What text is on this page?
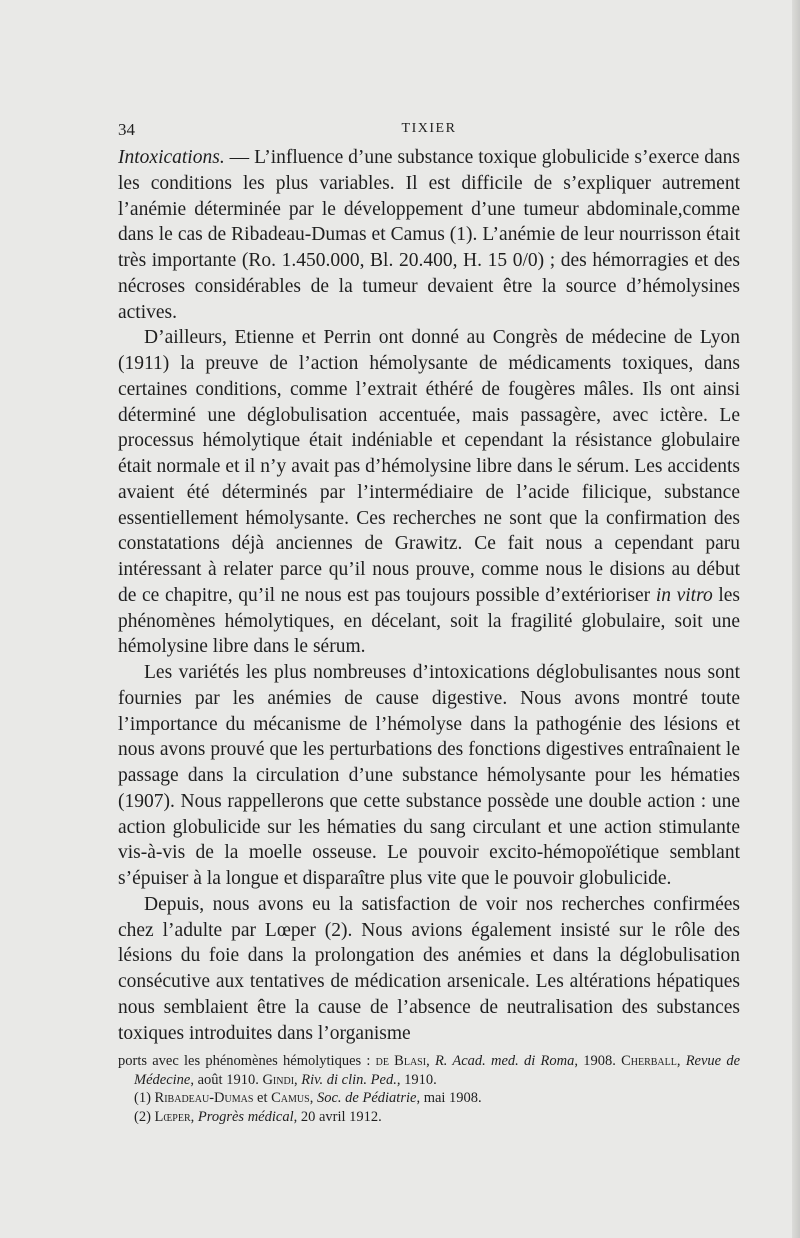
34	TIXIER

Intoxications. — L’influence d’une substance toxique globulicide s’exerce dans les conditions les plus variables. Il est difficile de s’expliquer autrement l’anémie déterminée par le développement d’une tumeur abdominale,comme dans le cas de Ribadeau-Dumas et Camus (1). L’anémie de leur nourrisson était très importante (Ro. 1.450.000, Bl. 20.400, H. 15 0/0) ; des hémorragies et des nécroses considérables de la tumeur devaient être la source d’hémolysines actives.

D’ailleurs, Etienne et Perrin ont donné au Congrès de médecine de Lyon (1911) la preuve de l’action hémolysante de médicaments toxiques, dans certaines conditions, comme l’extrait éthéré de fougères mâles. Ils ont ainsi déterminé une déglobulisation accentuée, mais passagère, avec ictère. Le processus hémolytique était indéniable et cependant la résistance globulaire était normale et il n’y avait pas d’hémolysine libre dans le sérum. Les accidents avaient été déterminés par l’intermédiaire de l’acide filicique, substance essentiellement hémolysante. Ces recherches ne sont que la confirmation des constatations déjà anciennes de Grawitz. Ce fait nous a cependant paru intéressant à relater parce qu’il nous prouve, comme nous le disions au début de ce chapitre, qu’il ne nous est pas toujours possible d’extérioriser in vitro les phénomènes hémolytiques, en décelant, soit la fragilité globulaire, soit une hémolysine libre dans le sérum.

Les variétés les plus nombreuses d’intoxications déglobulisantes nous sont fournies par les anémies de cause digestive. Nous avons montré toute l’importance du mécanisme de l’hémolyse dans la pathogénie des lésions et nous avons prouvé que les perturbations des fonctions digestives entraînaient le passage dans la circulation d’une substance hémolysante pour les hématies (1907). Nous rappellerons que cette substance possède une double action : une action globulicide sur les hématies du sang circulant et une action stimulante vis-à-vis de la moelle osseuse. Le pouvoir excito-hémopoïétique semblant s’épuiser à la longue et disparaître plus vite que le pouvoir globulicide.

Depuis, nous avons eu la satisfaction de voir nos recherches confirmées chez l’adulte par Lœper (2). Nous avions également insisté sur le rôle des lésions du foie dans la prolongation des anémies et dans la déglobulisation consécutive aux tentatives de médication arsenicale. Les altérations hépatiques nous semblaient être la cause de l’absence de neutralisation des substances toxiques introduites dans l’organisme

ports avec les phénomènes hémolytiques : de Blasi, R. Acad. med. di Roma, 1908. Cherball, Revue de Médecine, août 1910. Gindi, Riv. di clin. Ped., 1910.

(1) Ribadeau-Dumas et Camus, Soc. de Pédiatrie, mai 1908.

(2) Lœper, Progrès médical, 20 avril 1912.
